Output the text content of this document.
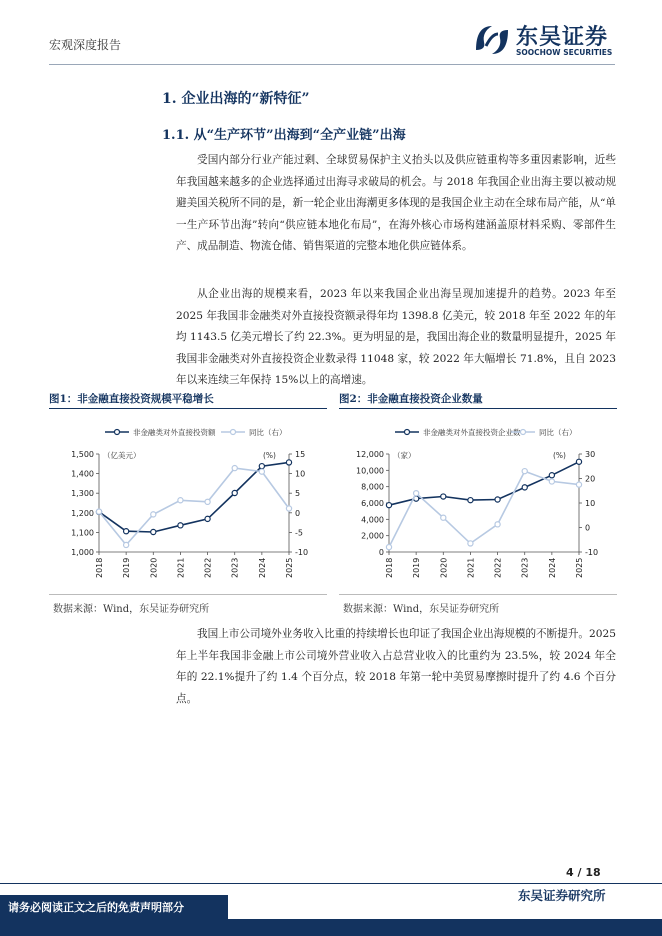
宏观深度报告	东吴证券
SOOCHOW SECURITIES
1. 企业出海的“新特征”
1.1. 从“生产环节”出海到“全产业链”出海

受国内部分行业产能过剩、全球贸易保护主义抬头以及供应链重构等多重因素影响，近些年我国越来越多的企业选择通过出海寻求破局的机会。与 2018 年我国企业出海主要以被动规避美国关税所不同的是，新一轮企业出海潮更多体现的是我国企业主动在全球布局产能，从“单一生产环节出海”转向“供应链本地化布局”，在海外核心市场构建涵盖原材料采购、零部件生产、成品制造、物流仓储、销售渠道的完整本地化供应链体系。

从企业出海的规模来看，2023 年以来我国企业出海呈现加速提升的趋势。2023 年至 2025 年我国非金融类对外直接投资额录得年均 1398.8 亿美元，较 2018 年至 2022 年的年均 1143.5 亿美元增长了约 22.3%。更为明显的是，我国出海企业的数量明显提升，2025 年我国非金融类对外直接投资企业数录得 11048 家，较 2022 年大幅增长 71.8%，且自 2023 年以来连续三年保持 15%以上的高增速。

图1：非金融直接投资规模平稳增长
非金融类对外直接投资额	同比（右）
（亿美元）	(%)
1,000
1,100
1,200
1,300
1,400
1,500
-10
-5
0
5
10
15
2018 2019 2020 2021 2022 2023 2024 2025
数据来源：Wind，东吴证券研究所
图2：非金融直接投资企业数量
非金融类对外直接投资企业数 同比（右）
（家）	(%)
0
2,000
4,000
6,000
8,000
10,000
12,000
-10
0
10
20
30
2018 2019 2020 2021 2022 2023 2024 2025
数据来源：Wind，东吴证券研究所

我国上市公司境外业务收入比重的持续增长也印证了我国企业出海规模的不断提升。2025 年上半年我国非金融上市公司境外营业收入占总营业收入的比重约为 23.5%，较 2024 年全年的 22.1%提升了约 1.4 个百分点，较 2018 年第一轮中美贸易摩擦时提升了约 4.6 个百分点。

4 / 18
东吴证券研究所
请务必阅读正文之后的免责声明部分
